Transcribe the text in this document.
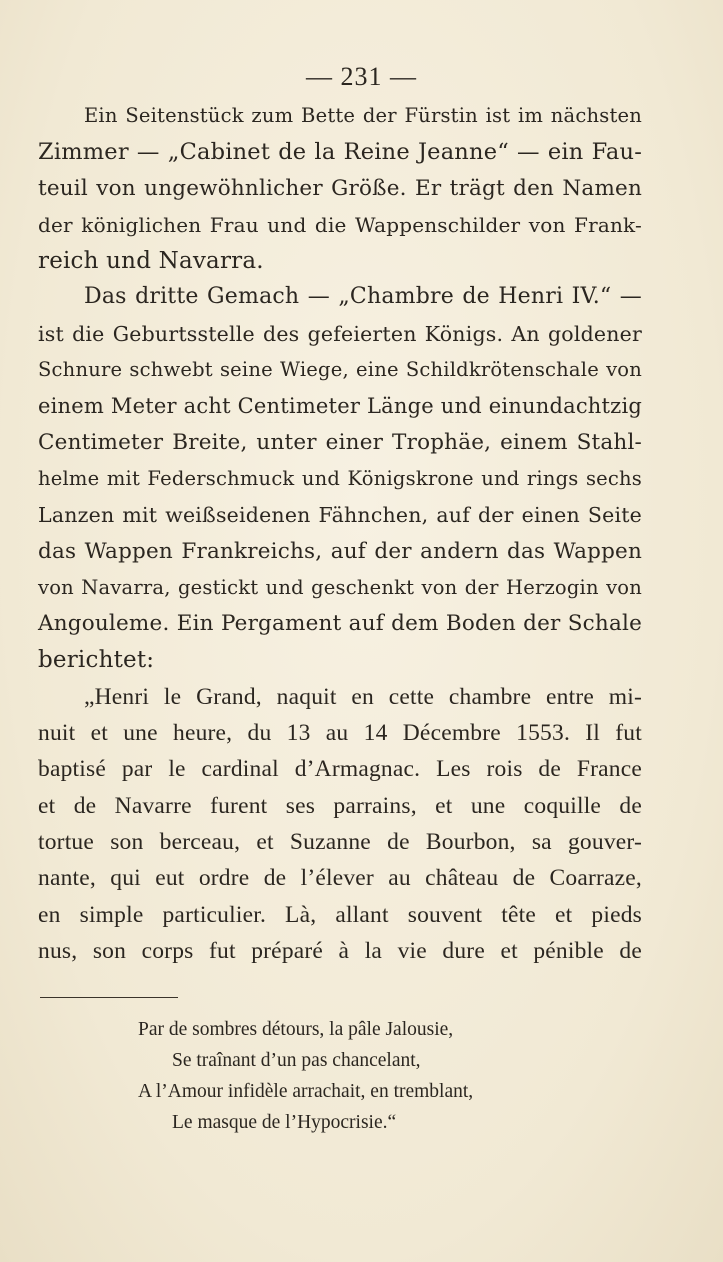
— 231 —
Ein Seitenstück zum Bette der Fürstin ist im nächsten
Zimmer — „Cabinet de la Reine Jeanne“ — ein Fau-
teuil von ungewöhnlicher Größe. Er trägt den Namen
der königlichen Frau und die Wappenschilder von Frank-
reich und Navarra.
Das dritte Gemach — „Chambre de Henri IV.“ —
ist die Geburtsstelle des gefeierten Königs. An goldener
Schnure schwebt seine Wiege, eine Schildkrötenschale von
einem Meter acht Centimeter Länge und einundachtzig
Centimeter Breite, unter einer Trophäe, einem Stahl-
helme mit Federschmuck und Königskrone und rings sechs
Lanzen mit weißseidenen Fähnchen, auf der einen Seite
das Wappen Frankreichs, auf der andern das Wappen
von Navarra, gestickt und geschenkt von der Herzogin von
Angouleme. Ein Pergament auf dem Boden der Schale
berichtet:
„Henri le Grand, naquit en cette chambre entre mi-
nuit et une heure, du 13 au 14 Décembre 1553. Il fut
baptisé par le cardinal d’Armagnac. Les rois de France
et de Navarre furent ses parrains, et une coquille de
tortue son berceau, et Suzanne de Bourbon, sa gouver-
nante, qui eut ordre de l’élever au château de Coarraze,
en simple particulier. Là, allant souvent tête et pieds
nus, son corps fut préparé à la vie dure et pénible de
Par de sombres détours, la pâle Jalousie,
Se traînant d’un pas chancelant,
A l’Amour infidèle arrachait, en tremblant,
Le masque de l’Hypocrisie.“
